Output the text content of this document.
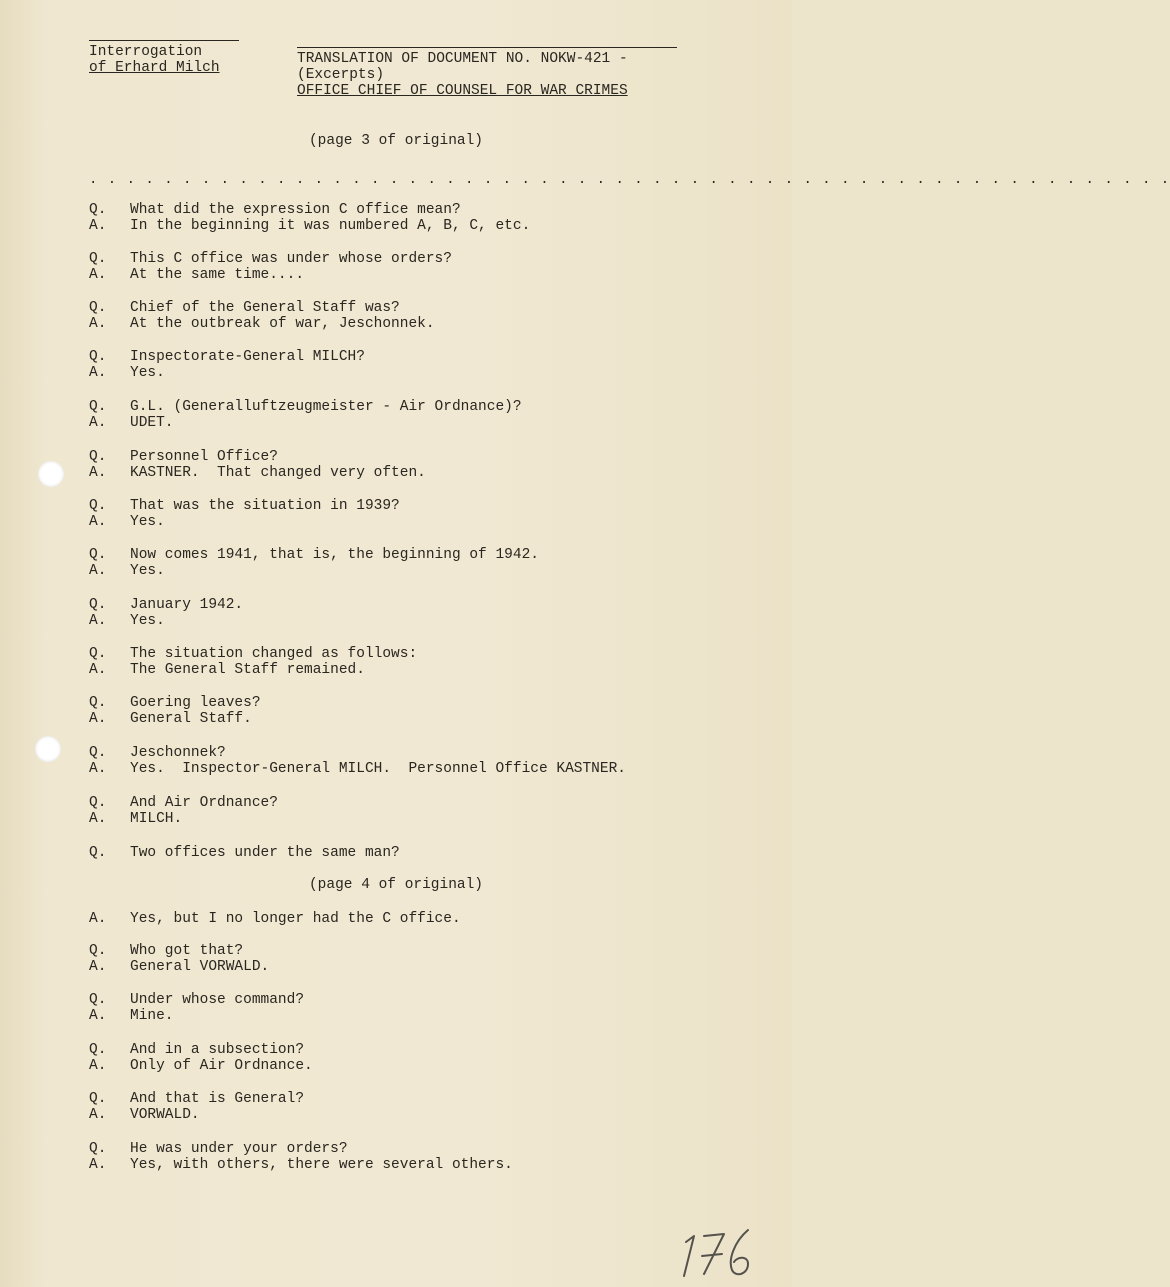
Interrogation
of Erhard Milch
TRANSLATION OF DOCUMENT NO. NOKW-421 -
(Excerpts)
OFFICE CHIEF OF COUNSEL FOR WAR CRIMES
(page 3 of original)
. . . . . . . . . . . . . . . . . . . . . . . . . . . . . . . . . . . . . . . . . . . . . . . . . . . . . . . . . .
Q.	What did the expression C office mean?
A.	In the beginning it was numbered A, B, C, etc.
Q.	This C office was under whose orders?
A.	At the same time....
Q.	Chief of the General Staff was?
A.	At the outbreak of war, Jeschonnek.
Q.	Inspectorate-General MILCH?
A.	Yes.
Q.	G.L. (Generalluftzeugmeister - Air Ordnance)?
A.	UDET.
Q.	Personnel Office?
A.	KASTNER.  That changed very often.
Q.	That was the situation in 1939?
A.	Yes.
Q.	Now comes 1941, that is, the beginning of 1942.
A.	Yes.
Q.	January 1942.
A.	Yes.
Q.	The situation changed as follows:
A.	The General Staff remained.
Q.	Goering leaves?
A.	General Staff.
Q.	Jeschonnek?
A.	Yes.  Inspector-General MILCH.  Personnel Office KASTNER.
Q.	And Air Ordnance?
A.	MILCH.
Q.	Two offices under the same man?
(page 4 of original)
A.	Yes, but I no longer had the C office.
Q.	Who got that?
A.	General VORWALD.
Q.	Under whose command?
A.	Mine.
Q.	And in a subsection?
A.	Only of Air Ordnance.
Q.	And that is General?
A.	VORWALD.
Q.	He was under your orders?
A.	Yes, with others, there were several others.
